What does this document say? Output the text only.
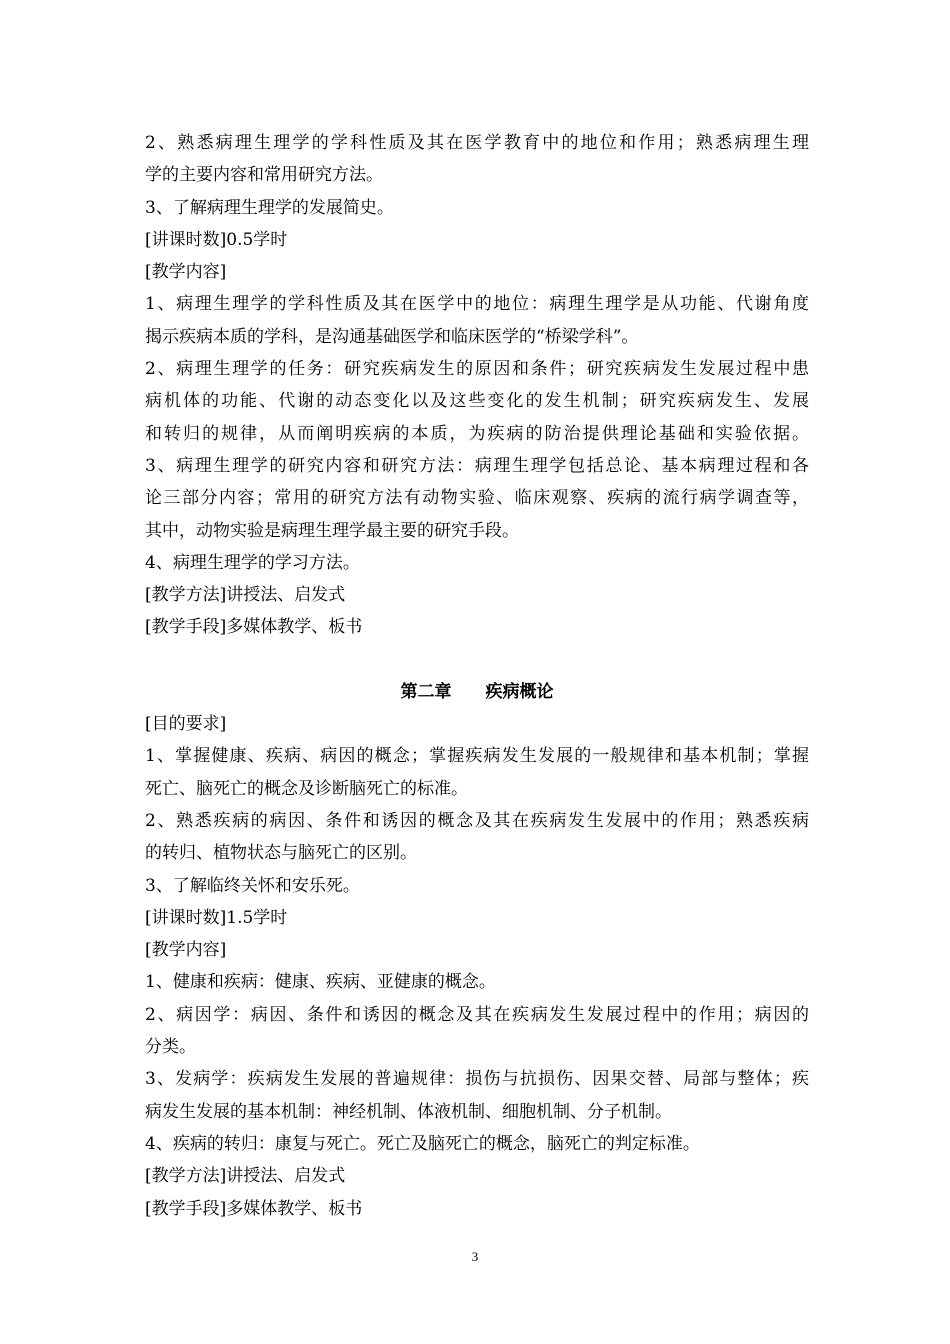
2、熟悉病理生理学的学科性质及其在医学教育中的地位和作用；熟悉病理生理
学的主要内容和常用研究方法。
3、了解病理生理学的发展简史。
[讲课时数]0.5学时
[教学内容]
1、病理生理学的学科性质及其在医学中的地位：病理生理学是从功能、代谢角度
揭示疾病本质的学科，是沟通基础医学和临床医学的“桥梁学科”。
2、病理生理学的任务：研究疾病发生的原因和条件；研究疾病发生发展过程中患
病机体的功能、代谢的动态变化以及这些变化的发生机制；研究疾病发生、发展
和转归的规律，从而阐明疾病的本质，为疾病的防治提供理论基础和实验依据。
3、病理生理学的研究内容和研究方法：病理生理学包括总论、基本病理过程和各
论三部分内容；常用的研究方法有动物实验、临床观察、疾病的流行病学调查等，
其中，动物实验是病理生理学最主要的研究手段。
4、病理生理学的学习方法。
[教学方法]讲授法、启发式
[教学手段]多媒体教学、板书
第二章　　疾病概论
[目的要求]
1、掌握健康、疾病、病因的概念；掌握疾病发生发展的一般规律和基本机制；掌握
死亡、脑死亡的概念及诊断脑死亡的标准。
2、熟悉疾病的病因、条件和诱因的概念及其在疾病发生发展中的作用；熟悉疾病
的转归、植物状态与脑死亡的区别。
3、了解临终关怀和安乐死。
[讲课时数]1.5学时
[教学内容]
1、健康和疾病：健康、疾病、亚健康的概念。
2、病因学：病因、条件和诱因的概念及其在疾病发生发展过程中的作用；病因的
分类。
3、发病学：疾病发生发展的普遍规律：损伤与抗损伤、因果交替、局部与整体；疾
病发生发展的基本机制：神经机制、体液机制、细胞机制、分子机制。
4、疾病的转归：康复与死亡。死亡及脑死亡的概念，脑死亡的判定标准。
[教学方法]讲授法、启发式
[教学手段]多媒体教学、板书
3
